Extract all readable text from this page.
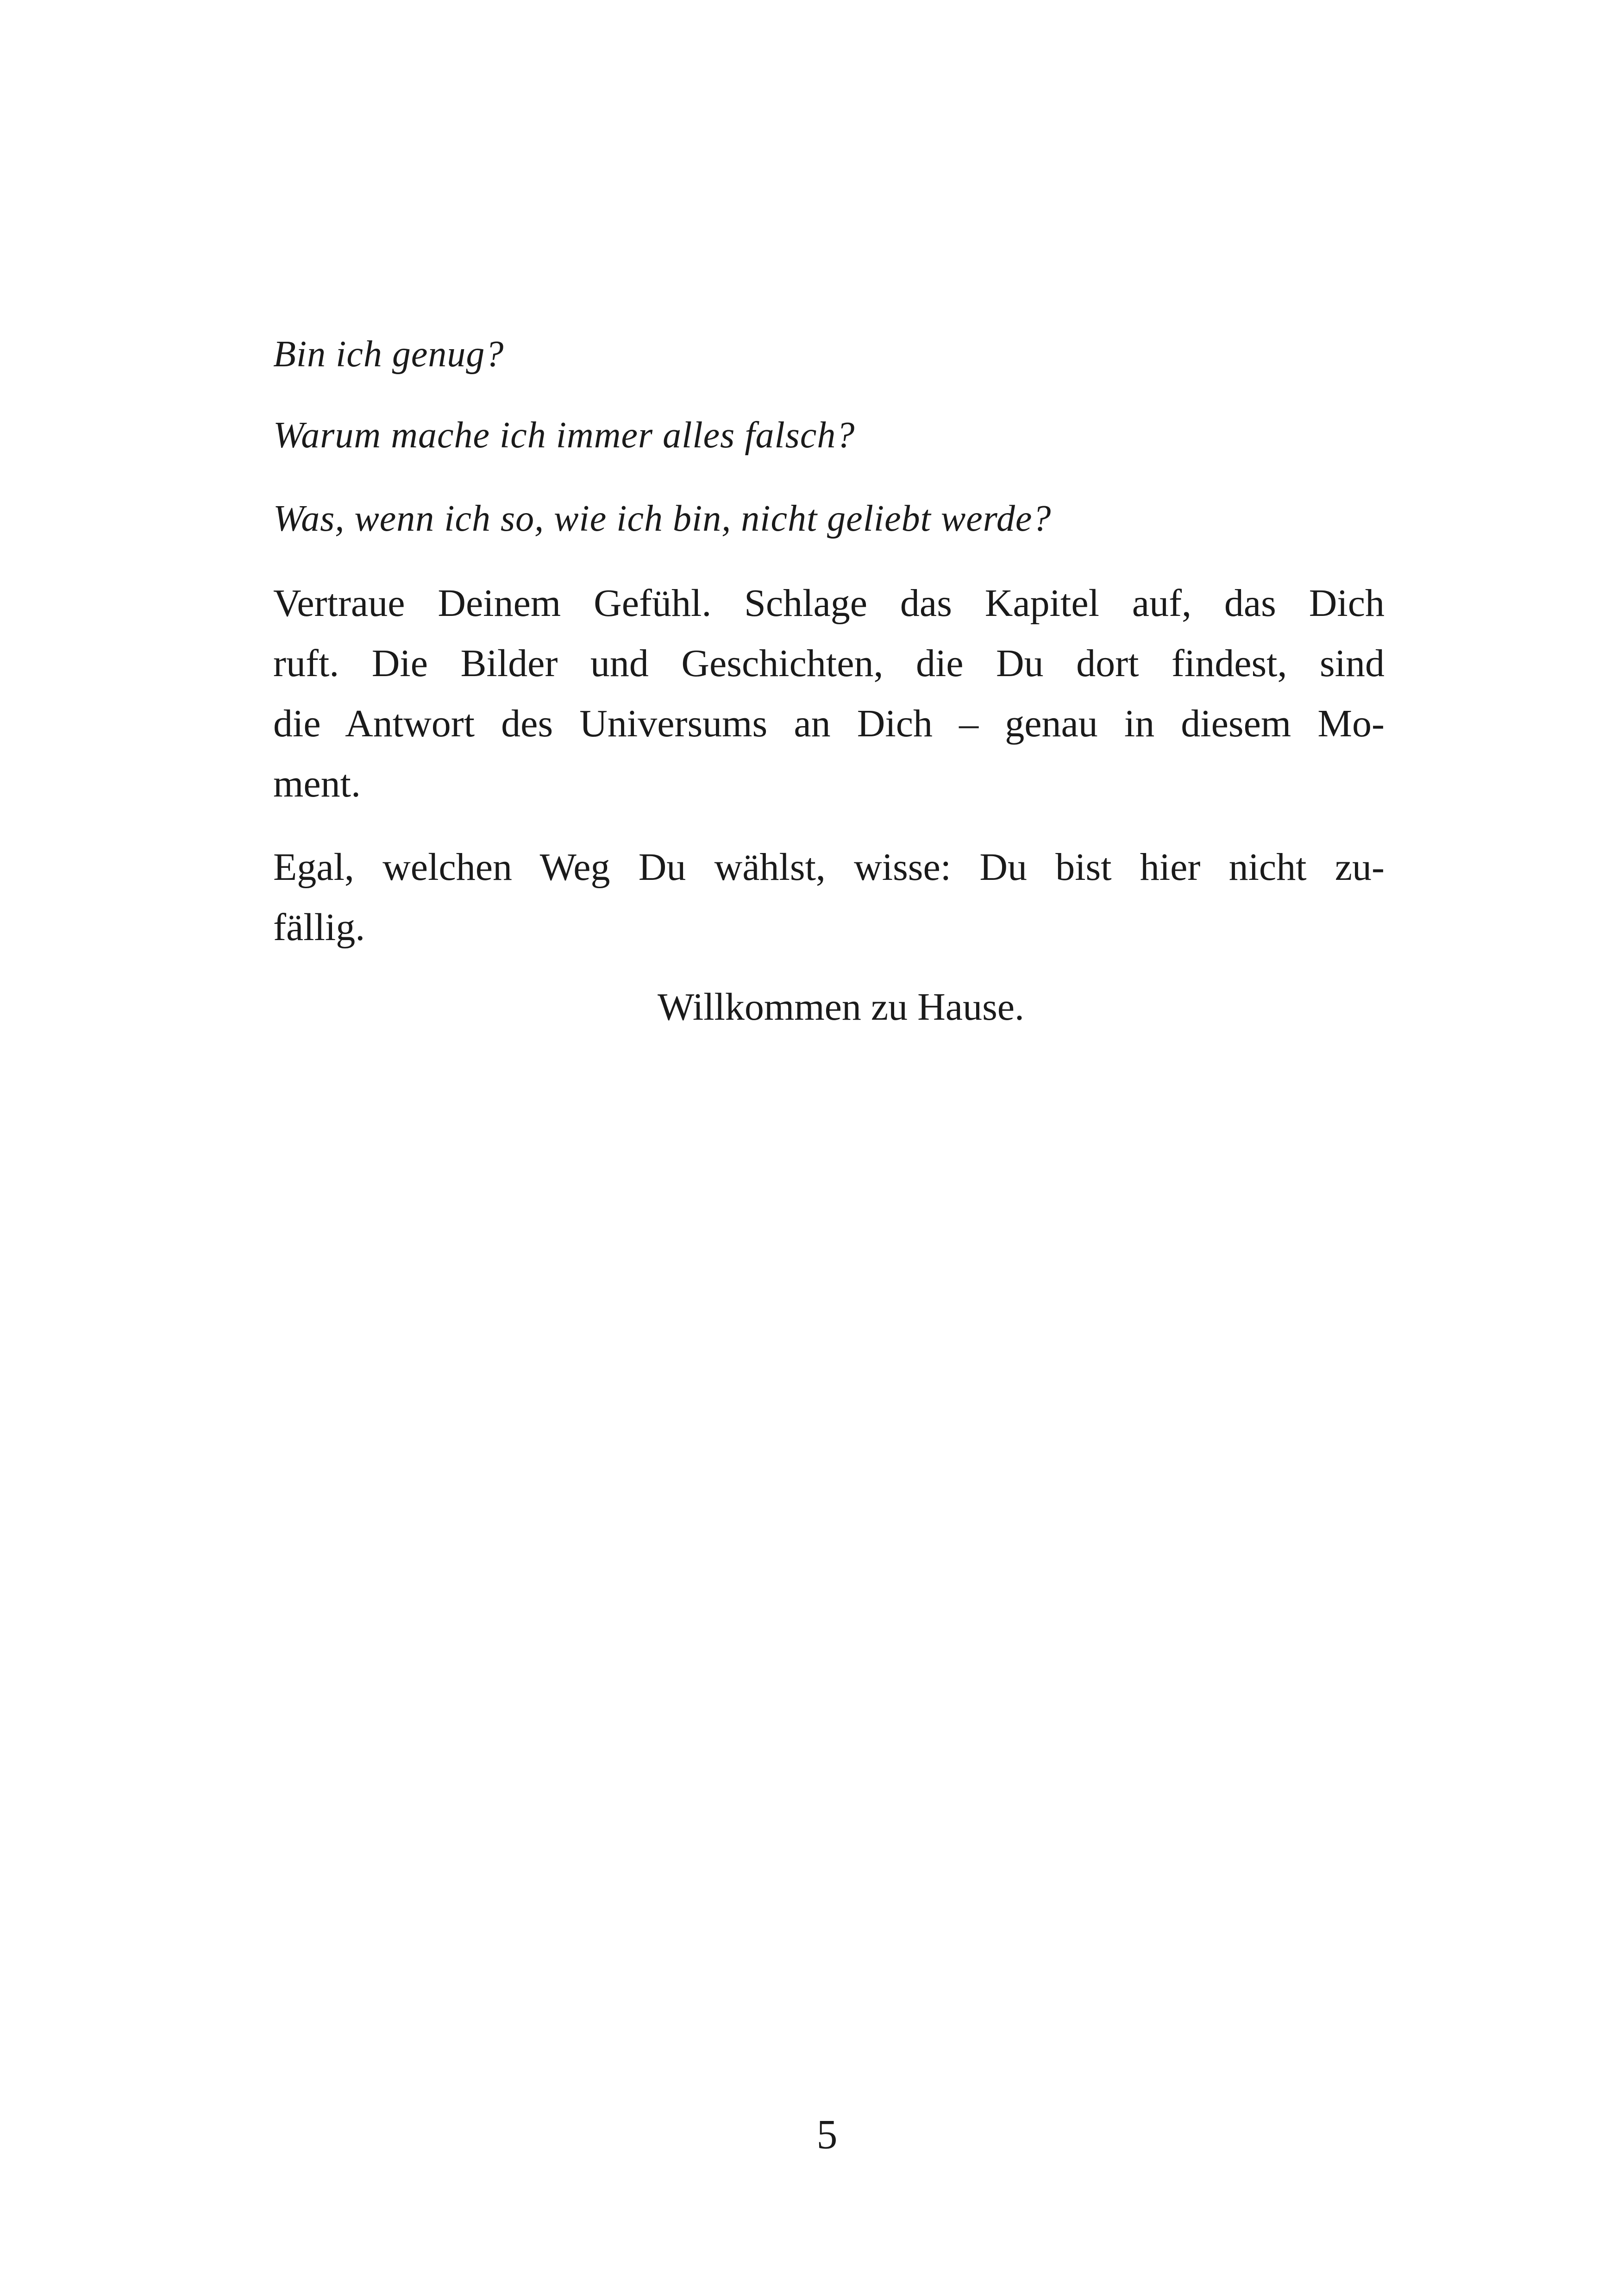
Bin ich genug?
Warum mache ich immer alles falsch?
Was, wenn ich so, wie ich bin, nicht geliebt werde?
Vertraue Deinem Gefühl. Schlage das Kapitel auf, das Dich
ruft. Die Bilder und Geschichten, die Du dort findest, sind
die Antwort des Universums an Dich – genau in diesem Mo-
ment.
Egal, welchen Weg Du wählst, wisse: Du bist hier nicht zu-
fällig.
Willkommen zu Hause.
5
